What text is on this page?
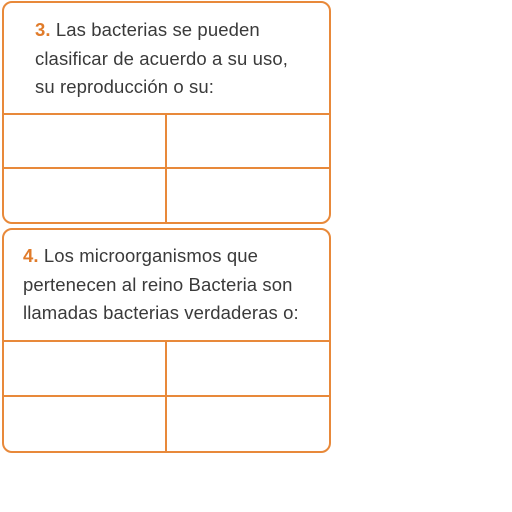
3. Las bacterias se pueden
clasificar de acuerdo a su uso,
su reproducción o su:
4. Los microorganismos que
pertenecen al reino Bacteria son
llamadas bacterias verdaderas o:
